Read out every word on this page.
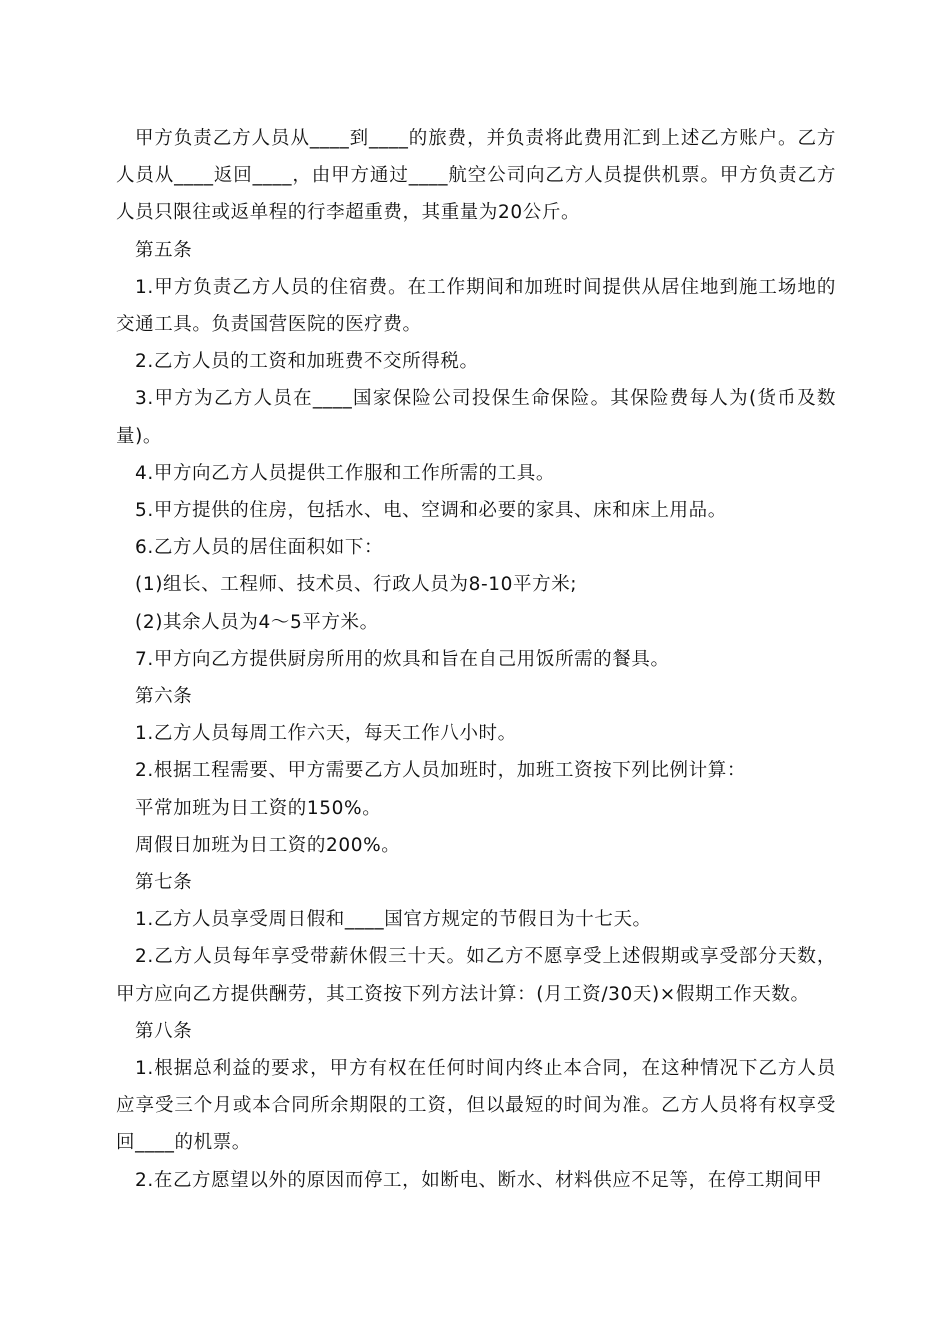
甲方负责乙方人员从____到____的旅费，并负责将此费用汇到上述乙方账户。乙方人员从____返回____，由甲方通过____航空公司向乙方人员提供机票。甲方负责乙方人员只限往或返单程的行李超重费，其重量为20公斤。

第五条

1.甲方负责乙方人员的住宿费。在工作期间和加班时间提供从居住地到施工场地的交通工具。负责国营医院的医疗费。

2.乙方人员的工资和加班费不交所得税。

3.甲方为乙方人员在____国家保险公司投保生命保险。其保险费每人为(货币及数量)。

4.甲方向乙方人员提供工作服和工作所需的工具。

5.甲方提供的住房，包括水、电、空调和必要的家具、床和床上用品。

6.乙方人员的居住面积如下：

(1)组长、工程师、技术员、行政人员为8-10平方米;

(2)其余人员为4～5平方米。

7.甲方向乙方提供厨房所用的炊具和旨在自己用饭所需的餐具。

第六条

1.乙方人员每周工作六天，每天工作八小时。

2.根据工程需要、甲方需要乙方人员加班时，加班工资按下列比例计算：

平常加班为日工资的150%。

周假日加班为日工资的200%。

第七条

1.乙方人员享受周日假和____国官方规定的节假日为十七天。

2.乙方人员每年享受带薪休假三十天。如乙方不愿享受上述假期或享受部分天数，甲方应向乙方提供酬劳，其工资按下列方法计算：(月工资/30天)×假期工作天数。

第八条

1.根据总利益的要求，甲方有权在任何时间内终止本合同，在这种情况下乙方人员应享受三个月或本合同所余期限的工资，但以最短的时间为准。乙方人员将有权享受回____的机票。

2.在乙方愿望以外的原因而停工，如断电、断水、材料供应不足等，在停工期间甲
